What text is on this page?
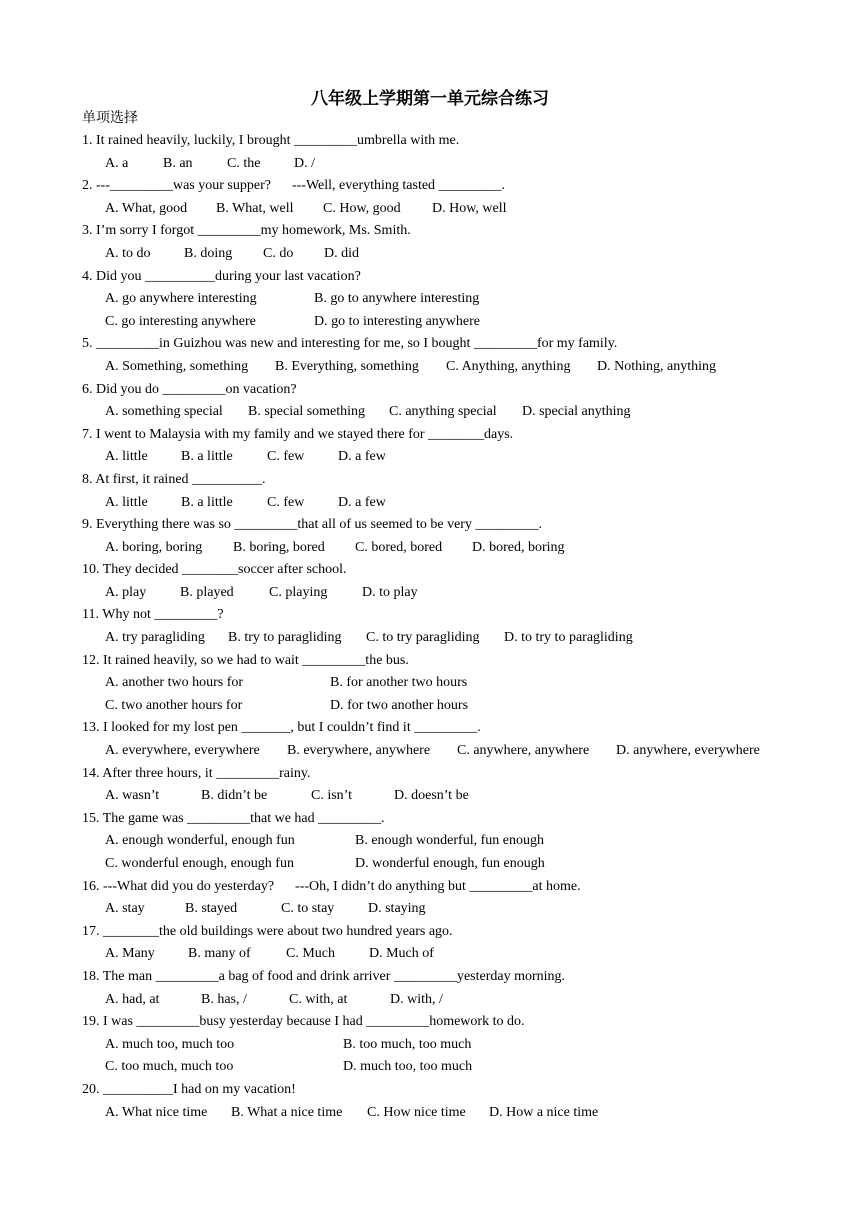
八年级上学期第一单元综合练习
单项选择
1. It rained heavily, luckily, I brought _________umbrella with me.
A. a	B. an	C. the	D. /
2. ---_________was your supper?      ---Well, everything tasted _________.
A. What, good	B. What, well	C. How, good	D. How, well
3. I’m sorry I forgot _________my homework, Ms. Smith.
A. to do	B. doing	C. do	D. did
4. Did you __________during your last vacation?
A. go anywhere interesting	B. go to anywhere interesting
C. go interesting anywhere	D. go to interesting anywhere
5. _________in Guizhou was new and interesting for me, so I bought _________for my family.
A. Something, something	B. Everything, something	C. Anything, anything	D. Nothing, anything
6. Did you do _________on vacation?
A. something special	B. special something	C. anything special	D. special anything
7. I went to Malaysia with my family and we stayed there for ________days.
A. little	B. a little	C. few	D. a few
8. At first, it rained __________.
A. little	B. a little	C. few	D. a few
9. Everything there was so _________that all of us seemed to be very _________.
A. boring, boring	B. boring, bored	C. bored, bored	D. bored, boring
10. They decided ________soccer after school.
A. play	B. played	C. playing	D. to play
11. Why not _________?
A. try paragliding	B. try to paragliding	C. to try paragliding	D. to try to paragliding
12. It rained heavily, so we had to wait _________the bus.
A. another two hours for	B. for another two hours
C. two another hours for	D. for two another hours
13. I looked for my lost pen _______, but I couldn’t find it _________.
A. everywhere, everywhere	B. everywhere, anywhere	C. anywhere, anywhere	D. anywhere, everywhere
14. After three hours, it _________rainy.
A. wasn’t	B. didn’t be	C. isn’t	D. doesn’t be
15. The game was _________that we had _________.
A. enough wonderful, enough fun	B. enough wonderful, fun enough
C. wonderful enough, enough fun	D. wonderful enough, fun enough
16. ---What did you do yesterday?      ---Oh, I didn’t do anything but _________at home.
A. stay	B. stayed	C. to stay	D. staying
17. ________the old buildings were about two hundred years ago.
A. Many	B. many of	C. Much	D. Much of
18. The man _________a bag of food and drink arriver _________yesterday morning.
A. had, at	B. has, /	C. with, at	D. with, /
19. I was _________busy yesterday because I had _________homework to do.
A. much too, much too	B. too much, too much
C. too much, much too	D. much too, too much
20. __________I had on my vacation!
A. What nice time	B. What a nice time	C. How nice time	D. How a nice time
